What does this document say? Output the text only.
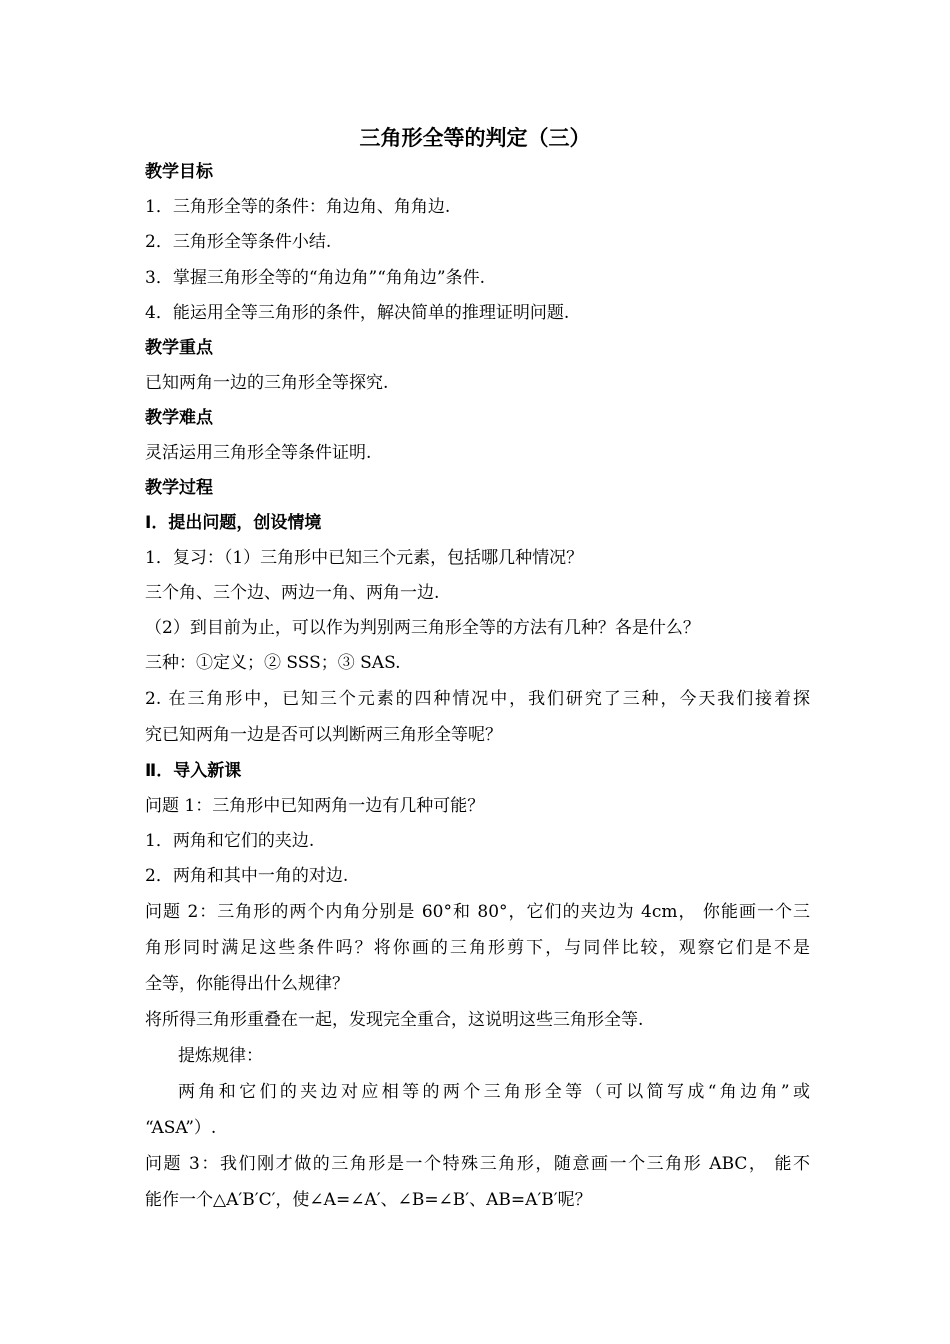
三角形全等的判定（三）
教学目标
1．三角形全等的条件：角边角、角角边.
2．三角形全等条件小结.
3．掌握三角形全等的“角边角”“角角边”条件.
4．能运用全等三角形的条件，解决简单的推理证明问题.
教学重点
已知两角一边的三角形全等探究.
教学难点
灵活运用三角形全等条件证明.
教学过程
Ⅰ．提出问题，创设情境
1．复习：（1）三角形中已知三个元素，包括哪几种情况？
三个角、三个边、两边一角、两角一边.
（2）到目前为止，可以作为判别两三角形全等的方法有几种？各是什么？
三种：①定义；② SSS；③ SAS.
2. 在三角形中，已知三个元素的四种情况中，我们研究了三种，今天我们接着探
究已知两角一边是否可以判断两三角形全等呢？
Ⅱ．导入新课
问题 1：三角形中已知两角一边有几种可能？
1．两角和它们的夹边.
2．两角和其中一角的对边.
问题 2：三角形的两个内角分别是 60°和 80°，它们的夹边为 4cm， 你能画一个三
角形同时满足这些条件吗？将你画的三角形剪下，与同伴比较，观察它们是不是
全等，你能得出什么规律？
将所得三角形重叠在一起，发现完全重合，这说明这些三角形全等.
提炼规律：
两角和它们的夹边对应相等的两个三角形全等（可以简写成“角边角”或
“ASA”）.
问题 3：我们刚才做的三角形是一个特殊三角形，随意画一个三角形 ABC， 能不
能作一个△A′B′C′，使∠A=∠A′、∠B=∠B′、AB=A′B′呢？
